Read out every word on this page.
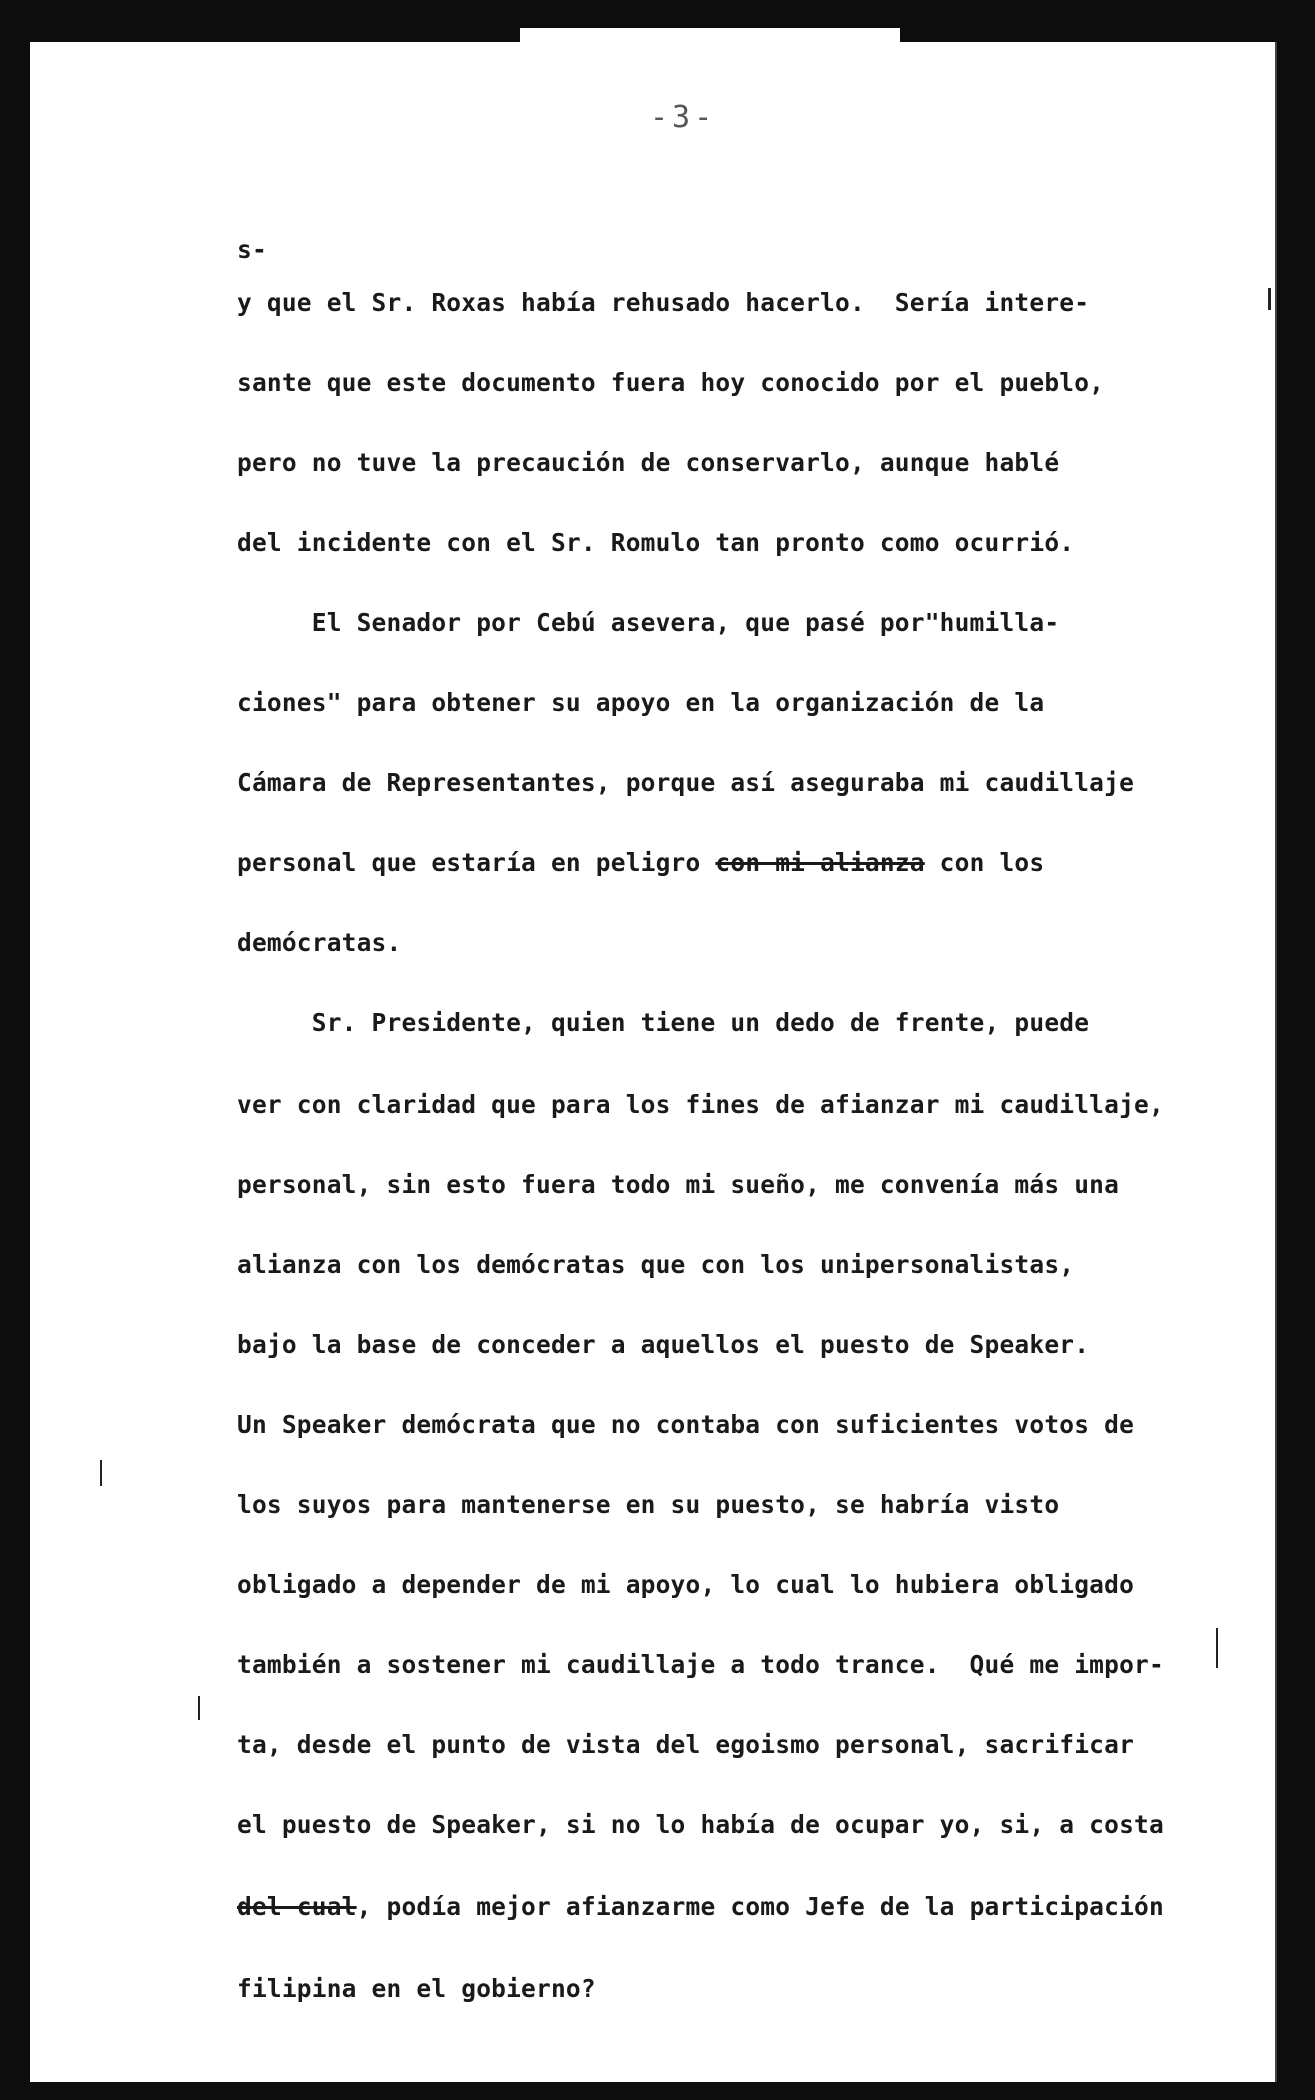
-3-

s-

y que el Sr. Roxas había rehusado hacerlo.  Sería intere-

sante que este documento fuera hoy conocido por el pueblo,

pero no tuve la precaución de conservarlo, aunque hablé

del incidente con el Sr. Romulo tan pronto como ocurrió.

El Senador por Cebú asevera, que pasé por"humilla-

ciones" para obtener su apoyo en la organización de la

Cámara de Representantes, porque así aseguraba mi caudillaje

personal que estaría en peligro con mi alianza con los

demócratas.

Sr. Presidente, quien tiene un dedo de frente, puede

ver con claridad que para los fines de afianzar mi caudillaje,

personal, sin esto fuera todo mi sueño, me convenía más una

alianza con los demócratas que con los unipersonalistas,

bajo la base de conceder a aquellos el puesto de Speaker.

Un Speaker demócrata que no contaba con suficientes votos de

los suyos para mantenerse en su puesto, se habría visto

obligado a depender de mi apoyo, lo cual lo hubiera obligado

también a sostener mi caudillaje a todo trance.  Qué me impor-

ta, desde el punto de vista del egoismo personal, sacrificar

el puesto de Speaker, si no lo había de ocupar yo, si, a costa

del cual, podía mejor afianzarme como Jefe de la participación

filipina en el gobierno?
